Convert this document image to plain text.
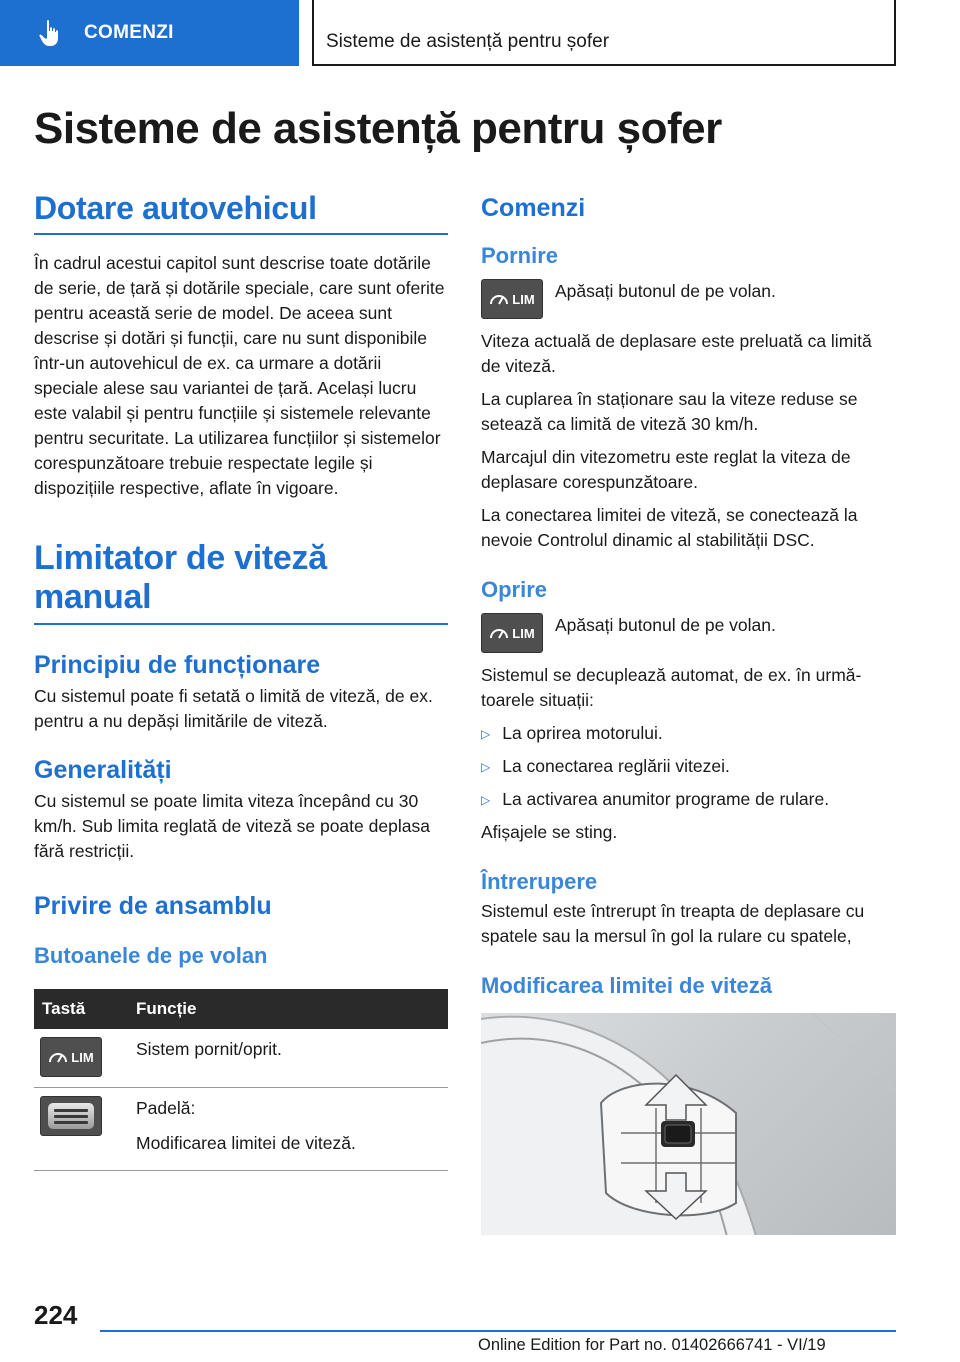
COMENZI	Sisteme de asistență pentru șofer
Sisteme de asistență pentru șofer
Dotare autovehicul

În cadrul acestui capitol sunt descrise toate dotările de serie, de țară și dotările speciale, care sunt oferite pentru această serie de model. De aceea sunt descrise și dotări și funcții, care nu sunt disponibile într-un autovehicul de ex. ca urmare a dotării speciale alese sau variantei de țară. Același lucru este valabil și pentru funcțiile și sistemele relevante pentru securitate. La utilizarea funcțiilor și sistemelor corespunzătoare trebuie respectate legile și dispozițiile respective, aflate în vigoare.

Limitator de viteză manual
Principiu de funcționare

Cu sistemul poate fi setată o limită de viteză, de ex. pentru a nu depăși limitările de viteză.

Generalități

Cu sistemul se poate limita viteza începând cu 30 km/h. Sub limita reglată de viteză se poate deplasa fără restricții.

Privire de ansamblu
Butoanele de pe volan
Tastă	Funcție

LIM	Sistem pornit/oprit.

	Padelă:
Modificarea limitei de viteză.
Comenzi
Pornire
LIM Apăsați butonul de pe volan.

Viteza actuală de deplasare este preluată ca limită de viteză.

La cuplarea în staționare sau la viteze reduse se setează ca limită de viteză 30 km/h.

Marcajul din vitezometru este reglat la viteza de deplasare corespunzătoare.

La conectarea limitei de viteză, se conectează la nevoie Controlul dinamic al stabilității DSC.

Oprire
LIM Apăsați butonul de pe volan.

Sistemul se decuplează automat, de ex. în următoarele situații:

▷ La oprirea motorului.
▷ La conectarea reglării vitezei.
▷ La activarea anumitor programe de rulare.

Afișajele se sting.

Întrerupere

Sistemul este întrerupt în treapta de deplasare cu spatele sau la mersul în gol la rulare cu spatele,

Modificarea limitei de viteză
224
Online Edition for Part no. 01402666741 - VI/19
